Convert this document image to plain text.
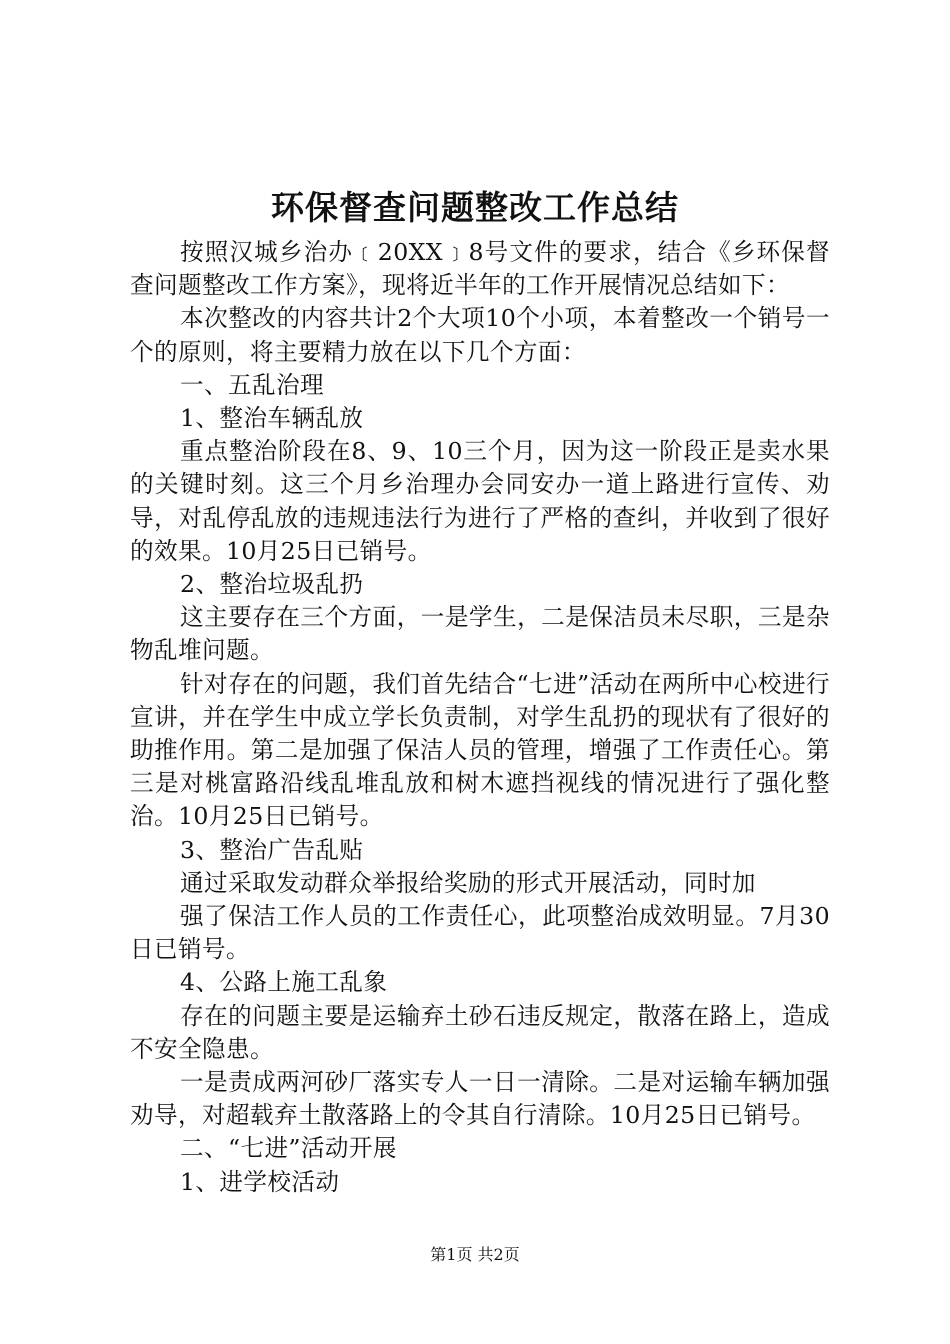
环保督查问题整改工作总结

按照汉城乡治办﹝20XX﹞8号文件的要求，结合《乡环保督查问题整改工作方案》，现将近半年的工作开展情况总结如下：

本次整改的内容共计2个大项10个小项，本着整改一个销号一个的原则，将主要精力放在以下几个方面：

一、五乱治理

1、整治车辆乱放

重点整治阶段在8、9、10三个月，因为这一阶段正是卖水果的关键时刻。这三个月乡治理办会同安办一道上路进行宣传、劝导，对乱停乱放的违规违法行为进行了严格的查纠，并收到了很好的效果。10月25日已销号。

2、整治垃圾乱扔

这主要存在三个方面，一是学生，二是保洁员未尽职，三是杂物乱堆问题。

针对存在的问题，我们首先结合“七进”活动在两所中心校进行宣讲，并在学生中成立学长负责制，对学生乱扔的现状有了很好的助推作用。第二是加强了保洁人员的管理，增强了工作责任心。第三是对桃富路沿线乱堆乱放和树木遮挡视线的情况进行了强化整治。10月25日已销号。

3、整治广告乱贴

通过采取发动群众举报给奖励的形式开展活动，同时加

强了保洁工作人员的工作责任心，此项整治成效明显。7月30日已销号。

4、公路上施工乱象

存在的问题主要是运输弃土砂石违反规定，散落在路上，造成不安全隐患。

一是责成两河砂厂落实专人一日一清除。二是对运输车辆加强劝导，对超载弃土散落路上的令其自行清除。10月25日已销号。

二、“七进”活动开展

1、进学校活动

第1页 共2页
